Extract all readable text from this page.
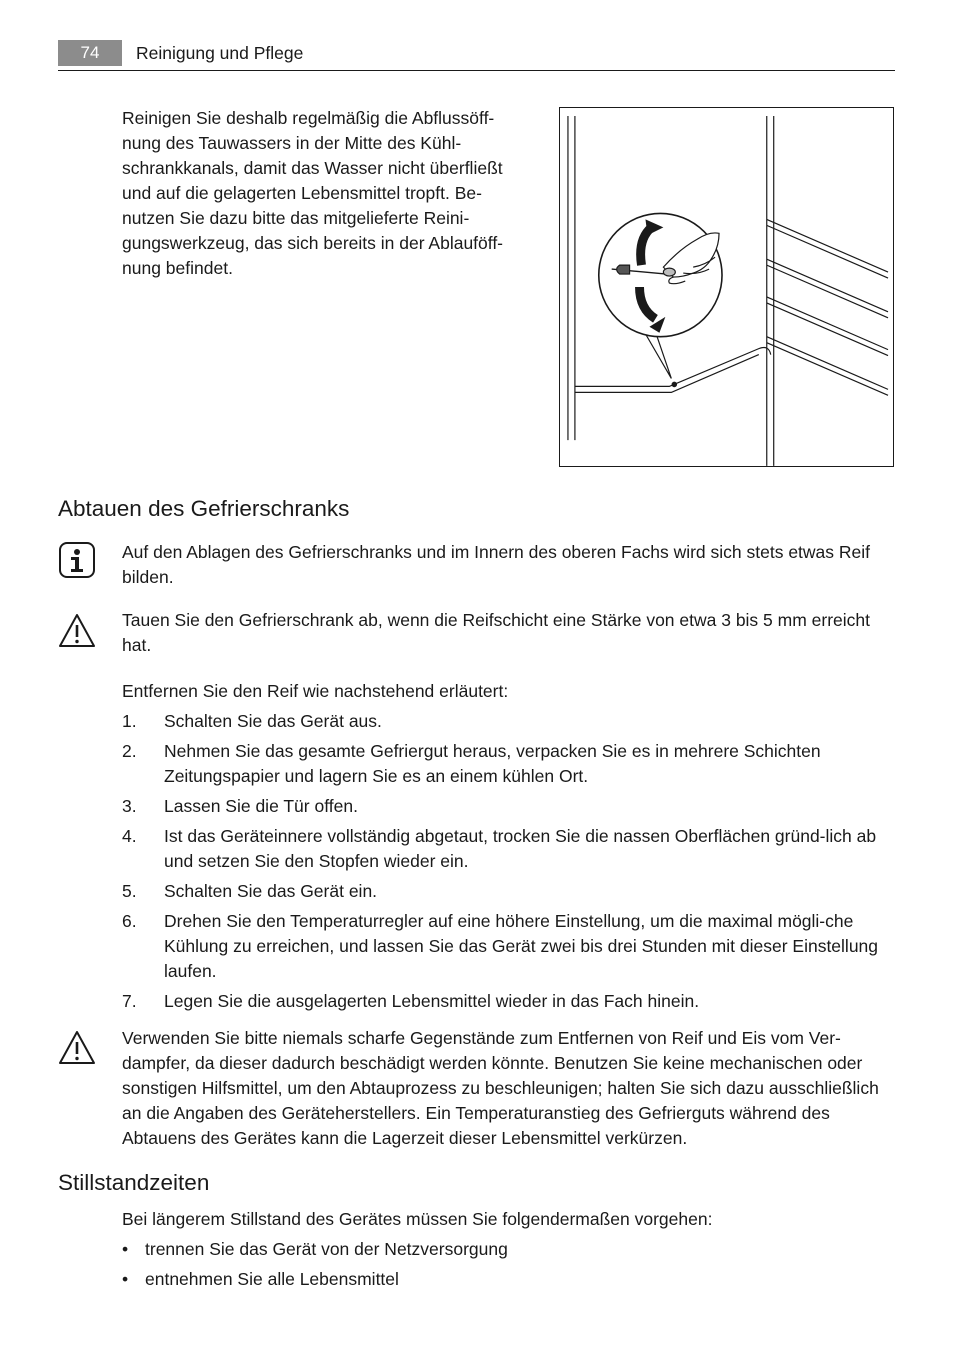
74	Reinigung und Pflege

Reinigen Sie deshalb regelmäßig die Abflussöff-
nung des Tauwassers in der Mitte des Kühl-
schrankkanals, damit das Wasser nicht überfließt
und auf die gelagerten Lebensmittel tropft. Be-
nutzen Sie dazu bitte das mitgelieferte Reini-
gungswerkzeug, das sich bereits in der Ablauföff-
nung befindet.

Abtauen des Gefrierschranks

Auf den Ablagen des Gefrierschranks und im Innern des oberen Fachs wird sich stets etwas Reif bilden.

Tauen Sie den Gefrierschrank ab, wenn die Reifschicht eine Stärke von etwa 3 bis 5 mm erreicht hat.

Entfernen Sie den Reif wie nachstehend erläutert:

1. Schalten Sie das Gerät aus.
2. Nehmen Sie das gesamte Gefriergut heraus, verpacken Sie es in mehrere Schichten Zeitungspapier und lagern Sie es an einem kühlen Ort.
3. Lassen Sie die Tür offen.
4. Ist das Geräteinnere vollständig abgetaut, trocken Sie die nassen Oberflächen gründ-lich ab und setzen Sie den Stopfen wieder ein.
5. Schalten Sie das Gerät ein.
6. Drehen Sie den Temperaturregler auf eine höhere Einstellung, um die maximal mögli-che Kühlung zu erreichen, und lassen Sie das Gerät zwei bis drei Stunden mit dieser Einstellung laufen.
7. Legen Sie die ausgelagerten Lebensmittel wieder in das Fach hinein.

Verwenden Sie bitte niemals scharfe Gegenstände zum Entfernen von Reif und Eis vom Ver-dampfer, da dieser dadurch beschädigt werden könnte. Benutzen Sie keine mechanischen oder sonstigen Hilfsmittel, um den Abtauprozess zu beschleunigen; halten Sie sich dazu ausschließlich an die Angaben des Geräteherstellers. Ein Temperaturanstieg des Gefrierguts während des Abtauens des Gerätes kann die Lagerzeit dieser Lebensmittel verkürzen.

Stillstandzeiten

Bei längerem Stillstand des Gerätes müssen Sie folgendermaßen vorgehen:

• trennen Sie das Gerät von der Netzversorgung
• entnehmen Sie alle Lebensmittel
